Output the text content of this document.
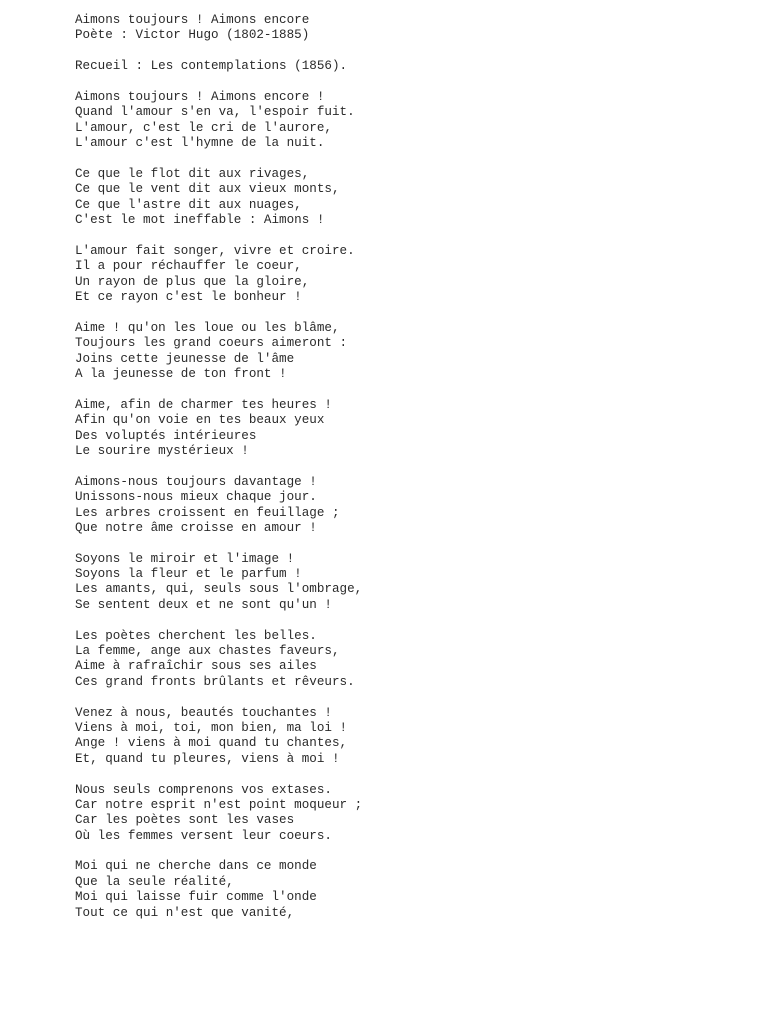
Aimons toujours ! Aimons encore
Poète : Victor Hugo (1802-1885)
Recueil : Les contemplations (1856).
Aimons toujours ! Aimons encore !
Quand l'amour s'en va, l'espoir fuit.
L'amour, c'est le cri de l'aurore,
L'amour c'est l'hymne de la nuit.
Ce que le flot dit aux rivages,
Ce que le vent dit aux vieux monts,
Ce que l'astre dit aux nuages,
C'est le mot ineffable : Aimons !
L'amour fait songer, vivre et croire.
Il a pour réchauffer le coeur,
Un rayon de plus que la gloire,
Et ce rayon c'est le bonheur !
Aime ! qu'on les loue ou les blâme,
Toujours les grand coeurs aimeront :
Joins cette jeunesse de l'âme
A la jeunesse de ton front !
Aime, afin de charmer tes heures !
Afin qu'on voie en tes beaux yeux
Des voluptés intérieures
Le sourire mystérieux !
Aimons-nous toujours davantage !
Unissons-nous mieux chaque jour.
Les arbres croissent en feuillage ;
Que notre âme croisse en amour !
Soyons le miroir et l'image !
Soyons la fleur et le parfum !
Les amants, qui, seuls sous l'ombrage,
Se sentent deux et ne sont qu'un !
Les poètes cherchent les belles.
La femme, ange aux chastes faveurs,
Aime à rafraîchir sous ses ailes
Ces grand fronts brûlants et rêveurs.
Venez à nous, beautés touchantes !
Viens à moi, toi, mon bien, ma loi !
Ange ! viens à moi quand tu chantes,
Et, quand tu pleures, viens à moi !
Nous seuls comprenons vos extases.
Car notre esprit n'est point moqueur ;
Car les poètes sont les vases
Où les femmes versent leur coeurs.
Moi qui ne cherche dans ce monde
Que la seule réalité,
Moi qui laisse fuir comme l'onde
Tout ce qui n'est que vanité,
